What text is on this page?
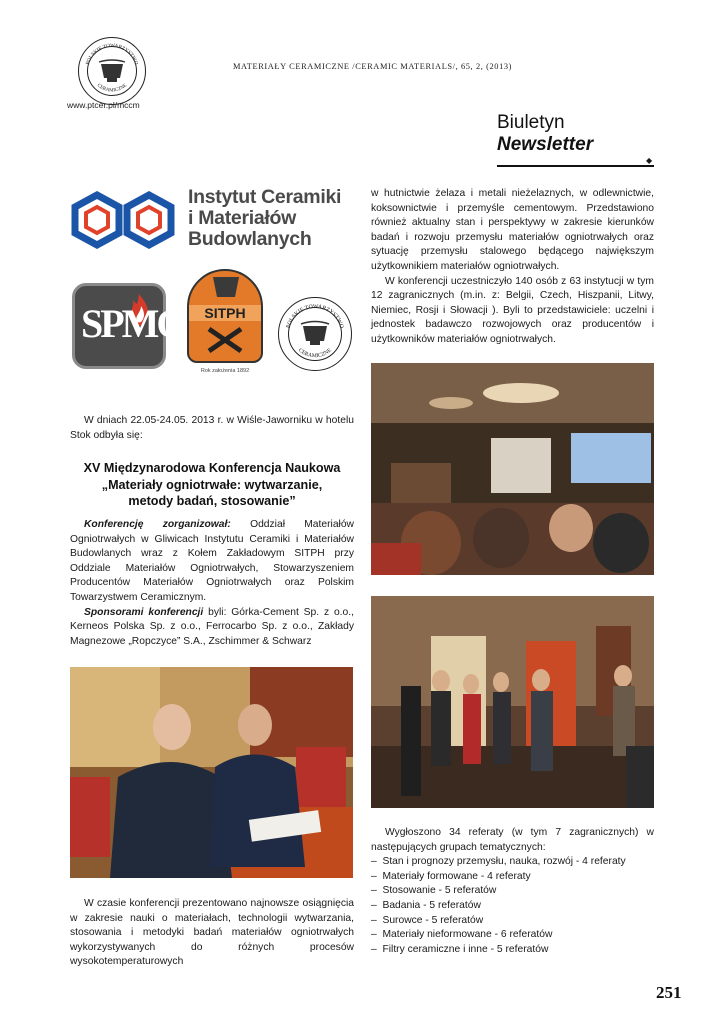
POLSKIE TOWARZYSTWO
CERAMICZNE
MATERIAŁY CERAMICZNE /CERAMIC MATERIALS/, 65, 2, (2013)
www.ptcer.pl/mccm
Biuletyn
Newsletter
◆
Instytut Ceramiki
i Materiałów
Budowlanych
SPMO	SITPH
Rok założenia 1892
POLSKIE TOWARZYSTWO
CERAMICZNE

W dniach 22.05-24.05. 2013 r. w Wiśle-Jaworniku w hotelu Stok odbyła się:

XV Międzynarodowa Konferencja Naukowa
„Materiały ogniotrwałe: wytwarzanie,
metody badań, stosowanie”

Konferencję zorganizował: Oddział Materiałów Ogniotrwałych w Gliwicach Instytutu Ceramiki i Materiałów Budowlanych wraz z Kołem Zakładowym SITPH przy Oddziale Materiałów Ogniotrwałych, Stowarzyszeniem Producentów Materiałów Ogniotrwałych oraz Polskim Towarzystwem Ceramicznym.

Sponsorami konferencji byli: Górka-Cement Sp. z o.o., Kerneos Polska Sp. z o.o., Ferrocarbo Sp. z o.o., Zakłady Magnezowe „Ropczyce” S.A., Zschimmer & Schwarz

W czasie konferencji prezentowano najnowsze osiągnięcia w zakresie nauki o materiałach, technologii wytwarzania, stosowania i metodyki badań materiałów ogniotrwałych wykorzystywanych do różnych procesów wysokotemperaturowych

w hutnictwie żelaza i metali nieżelaznych, w odlewnictwie, koksownictwie i przemyśle cementowym. Przedstawiono również aktualny stan i perspektywy w zakresie kierunków badań i rozwoju przemysłu materiałów ogniotrwałych oraz sytuację przemysłu stalowego będącego największym użytkownikiem materiałów ogniotrwałych.

W konferencji uczestniczyło 140 osób z 63 instytucji w tym 12 zagranicznych (m.in. z: Belgii, Czech, Hiszpanii, Litwy, Niemiec, Rosji i Słowacji ). Byli to przedstawiciele: uczelni i jednostek badawczo rozwojowych oraz producentów i użytkowników materiałów ogniotrwałych.

Wygłoszono 34 referaty (w tym 7 zagranicznych) w następujących grupach tematycznych:

–  Stan i prognozy przemysłu, nauka, rozwój - 4 referaty
–  Materiały formowane - 4 referaty
–  Stosowanie - 5 referatów
–  Badania - 5 referatów
–  Surowce - 5 referatów
–  Materiały nieformowane - 6 referatów
–  Filtry ceramiczne i inne - 5 referatów
251
